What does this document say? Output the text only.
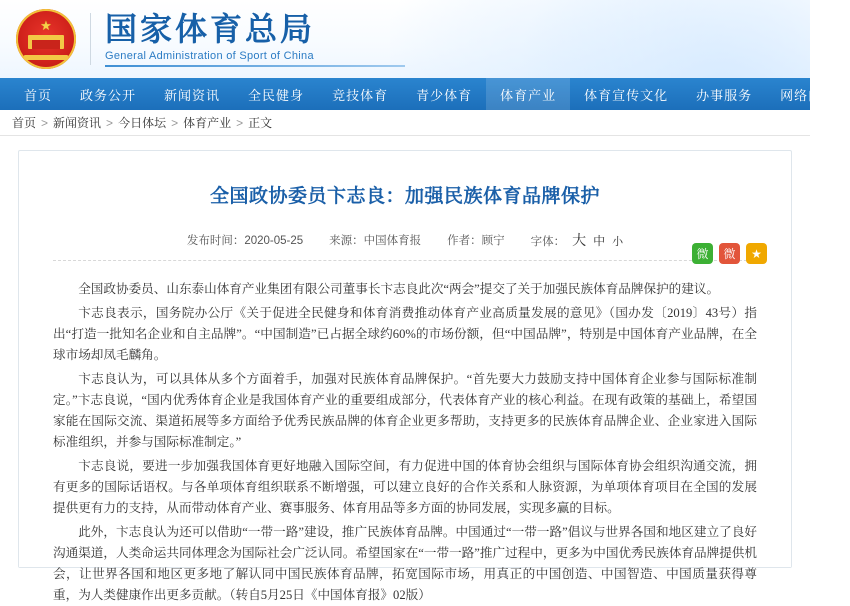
★ 国家体育总局
General Administration of Sport of China
首页	政务公开	新闻资讯	全民健身	竞技体育	青少体育	体育产业	体育宣传文化	办事服务	网络问政
首页 > 新闻资讯 > 今日体坛 > 体育产业 > 正文
全国政协委员卞志良：加强民族体育品牌保护
发布时间：2020-05-25 来源：中国体育报 作者：顾宁 字体： 大 中 小
微	微	★

全国政协委员、山东泰山体育产业集团有限公司董事长卞志良此次“两会”提交了关于加强民族体育品牌保护的建议。

卞志良表示，国务院办公厅《关于促进全民健身和体育消费推动体育产业高质量发展的意见》（国办发〔2019〕43号）指出“打造一批知名企业和自主品牌”。“中国制造”已占据全球约60%的市场份额，但“中国品牌”，特别是中国体育产业品牌，在全球市场却凤毛麟角。

卞志良认为，可以具体从多个方面着手，加强对民族体育品牌保护。“首先要大力鼓励支持中国体育企业参与国际标准制定。”卞志良说，“国内优秀体育企业是我国体育产业的重要组成部分，代表体育产业的核心利益。在现有政策的基础上，希望国家能在国际交流、渠道拓展等多方面给予优秀民族品牌的体育企业更多帮助，支持更多的民族体育品牌企业、企业家进入国际标准组织，并参与国际标准制定。”

卞志良说，要进一步加强我国体育更好地融入国际空间，有力促进中国的体育协会组织与国际体育协会组织沟通交流，拥有更多的国际话语权。与各单项体育组织联系不断增强，可以建立良好的合作关系和人脉资源，为单项体育项目在全国的发展提供更有力的支持，从而带动体育产业、赛事服务、体育用品等多方面的协同发展，实现多赢的目标。

此外，卞志良认为还可以借助“一带一路”建设，推广民族体育品牌。中国通过“一带一路”倡议与世界各国和地区建立了良好沟通渠道，人类命运共同体理念为国际社会广泛认同。希望国家在“一带一路”推广过程中，更多为中国优秀民族体育品牌提供机会，让世界各国和地区更多地了解认同中国民族体育品牌，拓宽国际市场，用真正的中国创造、中国智造、中国质量获得尊重，为人类健康作出更多贡献。（转自5月25日《中国体育报》02版）
